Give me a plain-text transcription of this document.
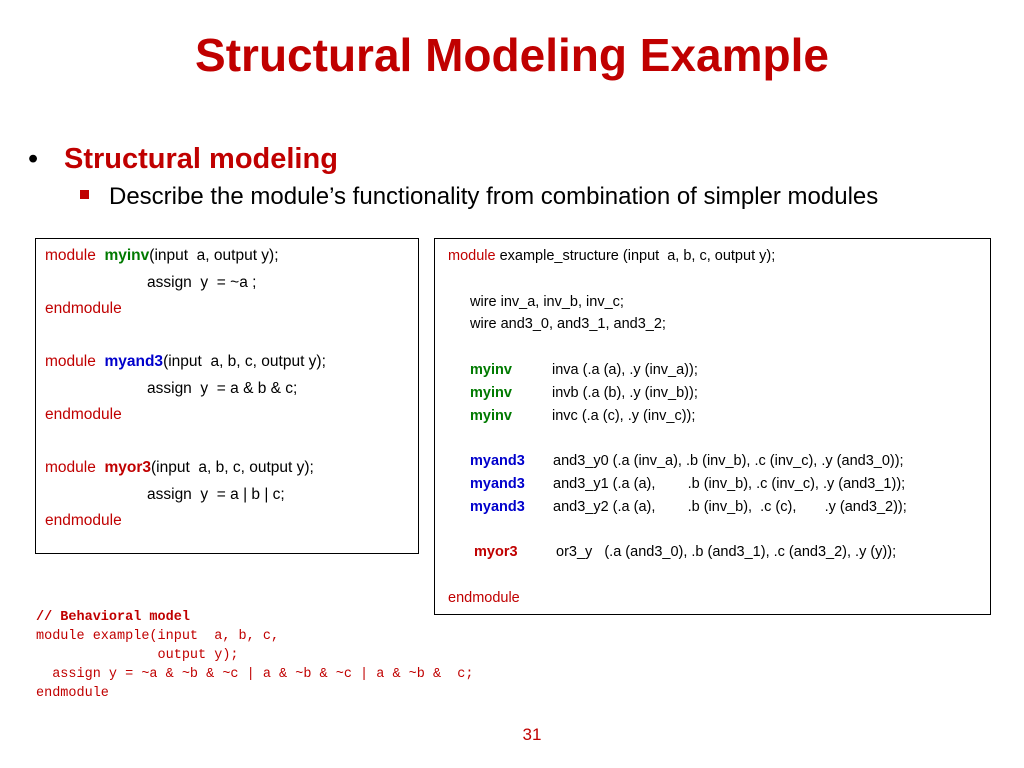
Structural Modeling Example
• Structural modeling
Describe the module’s functionality from combination of simpler modules
module myinv(input  a, output y);
assign  y  = ~a ;
endmodule
module myand3(input  a, b, c, output y);
assign  y  = a & b & c;
endmodule
module myor3(input  a, b, c, output y);
assign  y  = a | b | c;
endmodule
module example_structure (input  a, b, c, output y);
wire inv_a, inv_b, inv_c;
wire and3_0, and3_1, and3_2;
myinv	inva (.a (a), .y (inv_a));
myinv	invb (.a (b), .y (inv_b));
myinv	invc (.a (c), .y (inv_c));
myand3 and3_y0 (.a (inv_a), .b (inv_b), .c (inv_c), .y (and3_0));
myand3 and3_y1 (.a (a),        .b (inv_b), .c (inv_c), .y (and3_1));
myand3 and3_y2 (.a (a),        .b (inv_b),  .c (c),       .y (and3_2));
myor3	or3_y   (.a (and3_0), .b (and3_1), .c (and3_2), .y (y));
endmodule
// Behavioral model
module example(input  a, b, c,
output y);
assign y = ~a & ~b & ~c | a & ~b & ~c | a & ~b &  c;
endmodule
31
